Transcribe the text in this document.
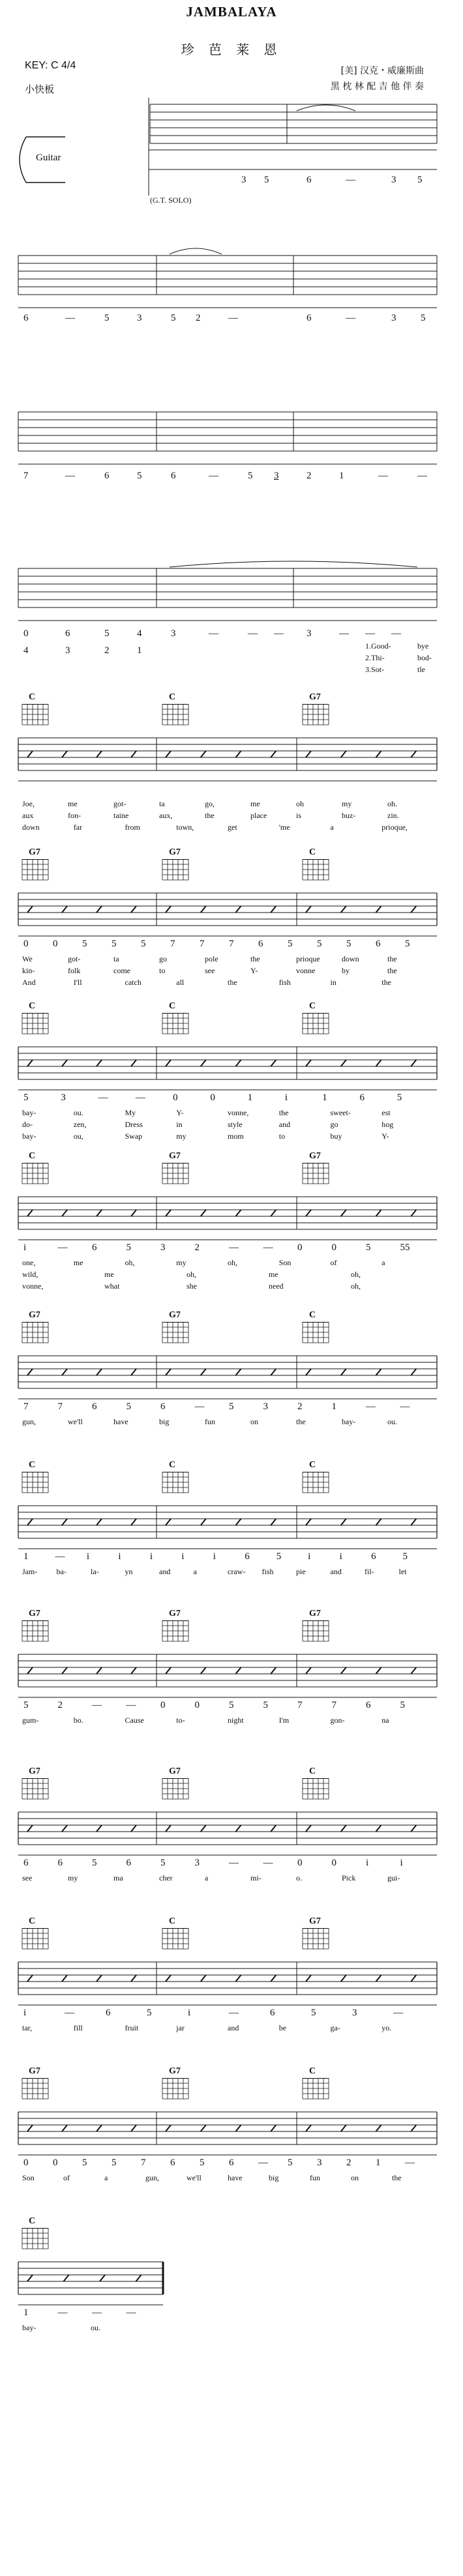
JAMBALAYA
珍 芭 莱 恩
KEY: C 4/4
小快板
[美] 汉克・威廉斯曲
黑 枕 林 配 吉 他 伴 奏
Guitar
(G.T. SOLO)
3 5	6	—	3 5
6	—	5	3	5 2	—	6	—	3	5
7	—	6	5	6	—	5 3	2	1	—	—
0	6	5	4	3	—	— — 3	— — —
4	3	2	1	1.Good-	bye
2.Thi-	bod-
3.Sot-	tle
C	C	G7
Joe,	me	got-	ta	go,	me	oh	my	oh.
aux	fon-	taine	aux,	the	place	is	buz-	zin.
down	far	from	town,	get	'me	a	prioque,
G7	G7	C
0	0	5	5	5	7	7	7	6	5	5	5	6	5
We	got-	ta	go	pole	the	prioque	down	the
kin-	folk	come	to	see	Y-	vonne	by	the
And	I'll	catch	all	the	fish	in	the
C	C	C
5	3	—	—	0	0	1	i	1	6	5
bay-	ou.	My	Y-	vonne,	the	sweet-	est
do-	zen,	Dress	in	style	and	go	hog
bay-	ou,	Swap	my	mom	to	buy	Y-
C	G7	G7
i	—	6	5	3	2	—	—	0	0	5	55
one,	me	oh,	my	oh,	Son	of	a
wild,	me	oh,	me	oh,
vonne,	what	she	need	oh,
G7	G7	C
7	7	6	5	6	—	5	3	2	1	—	—
gun,	we'll	have	big	fun	on	the	bay-	ou.
C	C	C
1	— i	i	i	i	i	6	5	i	i	6	5
Jam- ba-	la-	yn	and	a	craw- fish	pie	and	fil-	let
G7	G7	G7
5	2	—	—	0	0	5	5	7	7	6	5
gum-	bo.	Cause	to-	night	I'm	gon-	na
G7	G7	C
6	6	5	6	5	3	—	—	0	0	i	i
see	my	ma	cher	a	mi-	o.	Pick	gui-
C	C	G7
i	—	6	5	i	—	6	5	3	—
tar,	fill	fruit	jar	and	be	ga-	yo.
G7	G7	C
0	0	5	5	7	6	5	6	— 5	3	2	1	—
Son	of	a	gun,	we'll	have	big	fun	on	the
C
1	—	—	—
bay-	ou.
